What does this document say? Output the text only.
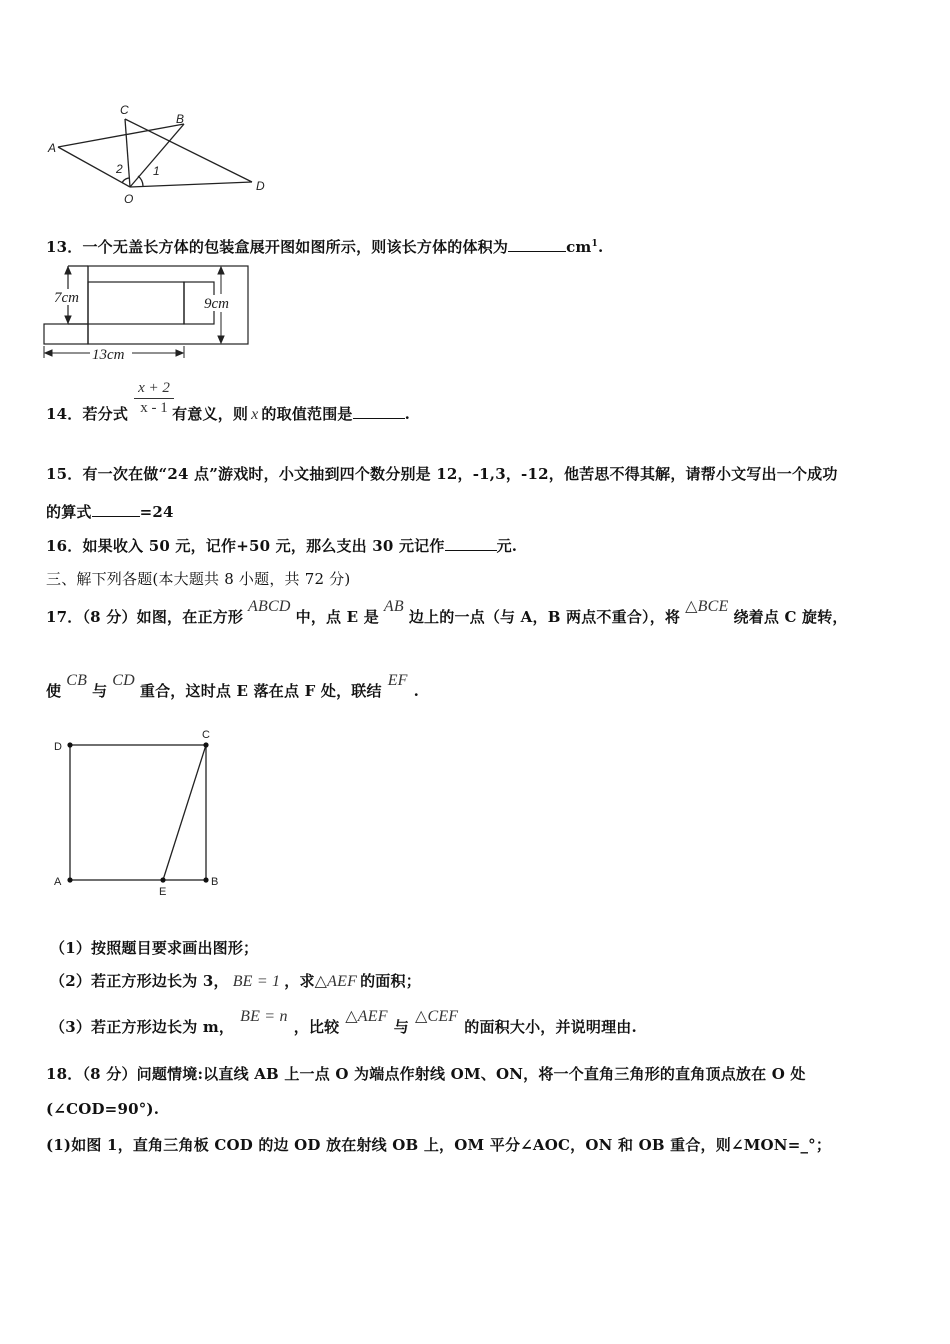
A
C
B
D
O
2	1
13．一个无盖长方体的包装盒展开图如图所示，则该长方体的体积为	$cm^1$.
7cm	9cm
13cm
$\frac{x + 2}{x - 1}$
14．若分式	有意义，则 x 的取值范围是	.
15．有一次在做“24 点”游戏时，小文抽到四个数分别是 12，-1,3，-12，他苦思不得其解，请帮小文写出一个成功
的算式	=24
16．如果收入 50 元，记作+50 元，那么支出 30 元记作	元.
三、解下列各题(本大题共 8 小题，共 72 分)
17．（8 分）如图，在正方形ABCD中，点 E 是AB边上的一点（与 A，B 两点不重合），将△BCE绕着点 C 旋转，
使CB与CD重合，这时点 E 落在点 F 处，联结EF.
D
C
A	B
E
（1）按照题目要求画出图形；
（2）若正方形边长为 3， BE = 1 ，求△AEF 的面积；
（3）若正方形边长为 m，BE = n，比较△AEF与△CEF的面积大小，并说明理由.
18．（8 分）问题情境:以直线 AB 上一点 O 为端点作射线 OM、ON，将一个直角三角形的直角顶点放在 O 处
(∠COD=90°).
(1)如图 1，直角三角板 COD 的边 OD 放在射线 OB 上，OM 平分∠AOC，ON 和 OB 重合，则∠MON=_°；
